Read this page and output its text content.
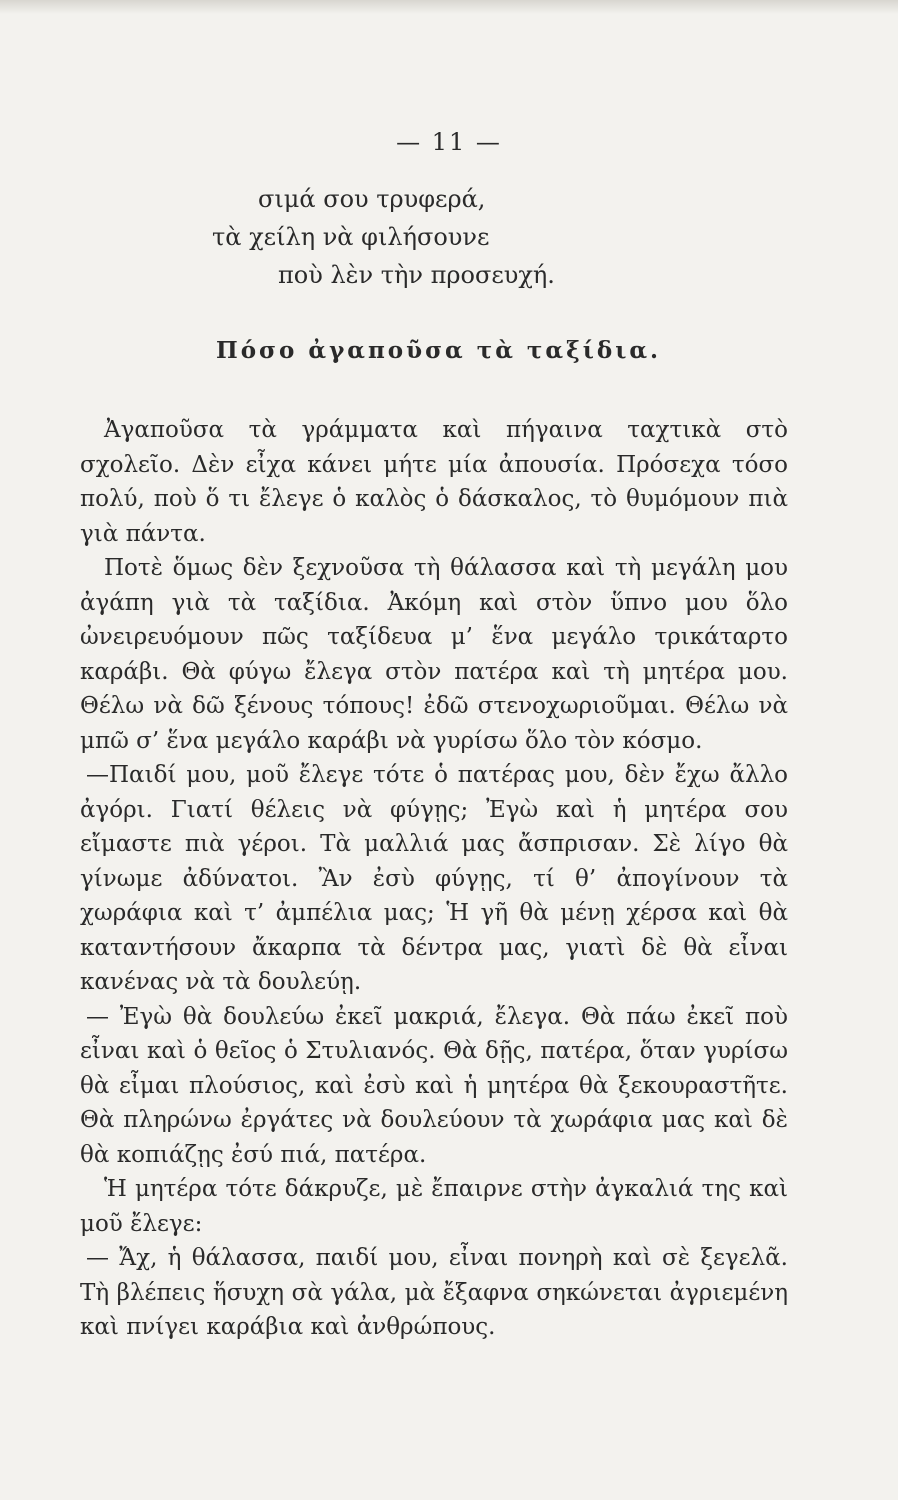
— 11 —
σιμά σου τρυφερά,
τὰ χείλη νὰ φιλήσουνε
ποὺ λὲν τὴν προσευχή.
Πόσο ἀγαποῦσα τὰ ταξίδια.

Ἀγαποῦσα τὰ γράμματα καὶ πήγαινα ταχτικὰ στὸ σχολεῖο. Δὲν εἶχα κάνει μήτε μία ἀπουσία. Πρόσεχα τόσο πολύ, ποὺ ὅ τι ἔλεγε ὁ καλὸς ὁ δάσκαλος, τὸ θυμόμουν πιὰ γιὰ πάντα.

Ποτὲ ὅμως δὲν ξεχνοῦσα τὴ θάλασσα καὶ τὴ μεγάλη μου ἀγάπη γιὰ τὰ ταξίδια. Ἀκόμη καὶ στὸν ὕπνο μου ὅλο ὠνειρευόμουν πῶς ταξίδευα μ’ ἕνα μεγάλο τρικάταρτο καράβι. Θὰ φύγω ἔλεγα στὸν πατέρα καὶ τὴ μητέρα μου. Θέλω νὰ δῶ ξένους τόπους! ἐδῶ στενοχωριοῦμαι. Θέλω νὰ μπῶ σ’ ἕνα μεγάλο καράβι νὰ γυρίσω ὅλο τὸν κόσμο.

—Παιδί μου, μοῦ ἔλεγε τότε ὁ πατέρας μου, δὲν ἔχω ἄλλο ἀγόρι. Γιατί θέλεις νὰ φύγῃς; Ἐγὼ καὶ ἡ μητέρα σου εἴμαστε πιὰ γέροι. Τὰ μαλλιά μας ἄσπρισαν. Σὲ λίγο θὰ γίνωμε ἀδύνατοι. Ἂν ἐσὺ φύγῃς, τί θ’ ἀπογίνουν τὰ χωράφια καὶ τ’ ἀμπέλια μας; Ἡ γῆ θὰ μένῃ χέρσα καὶ θὰ καταντήσουν ἄκαρπα τὰ δέντρα μας, γιατὶ δὲ θὰ εἶναι κανένας νὰ τὰ δουλεύῃ.

— Ἐγὼ θὰ δουλεύω ἐκεῖ μακριά, ἔλεγα. Θὰ πάω ἐκεῖ ποὺ εἶναι καὶ ὁ θεῖος ὁ Στυλιανός. Θὰ δῇς, πατέρα, ὅταν γυρίσω θὰ εἶμαι πλούσιος, καὶ ἐσὺ καὶ ἡ μητέρα θὰ ξεκουραστῆτε. Θὰ πληρώνω ἐργάτες νὰ δουλεύουν τὰ χωράφια μας καὶ δὲ θὰ κοπιάζῃς ἐσύ πιά, πατέρα.

Ἡ μητέρα τότε δάκρυζε, μὲ ἔπαιρνε στὴν ἀγκαλιά της καὶ μοῦ ἔλεγε:

— Ἄχ, ἡ θάλασσα, παιδί μου, εἶναι πονηρὴ καὶ σὲ ξεγελᾶ. Τὴ βλέπεις ἥσυχη σὰ γάλα, μὰ ἔξαφνα σηκώνεται ἀγριεμένη καὶ πνίγει καράβια καὶ ἀνθρώπους.
